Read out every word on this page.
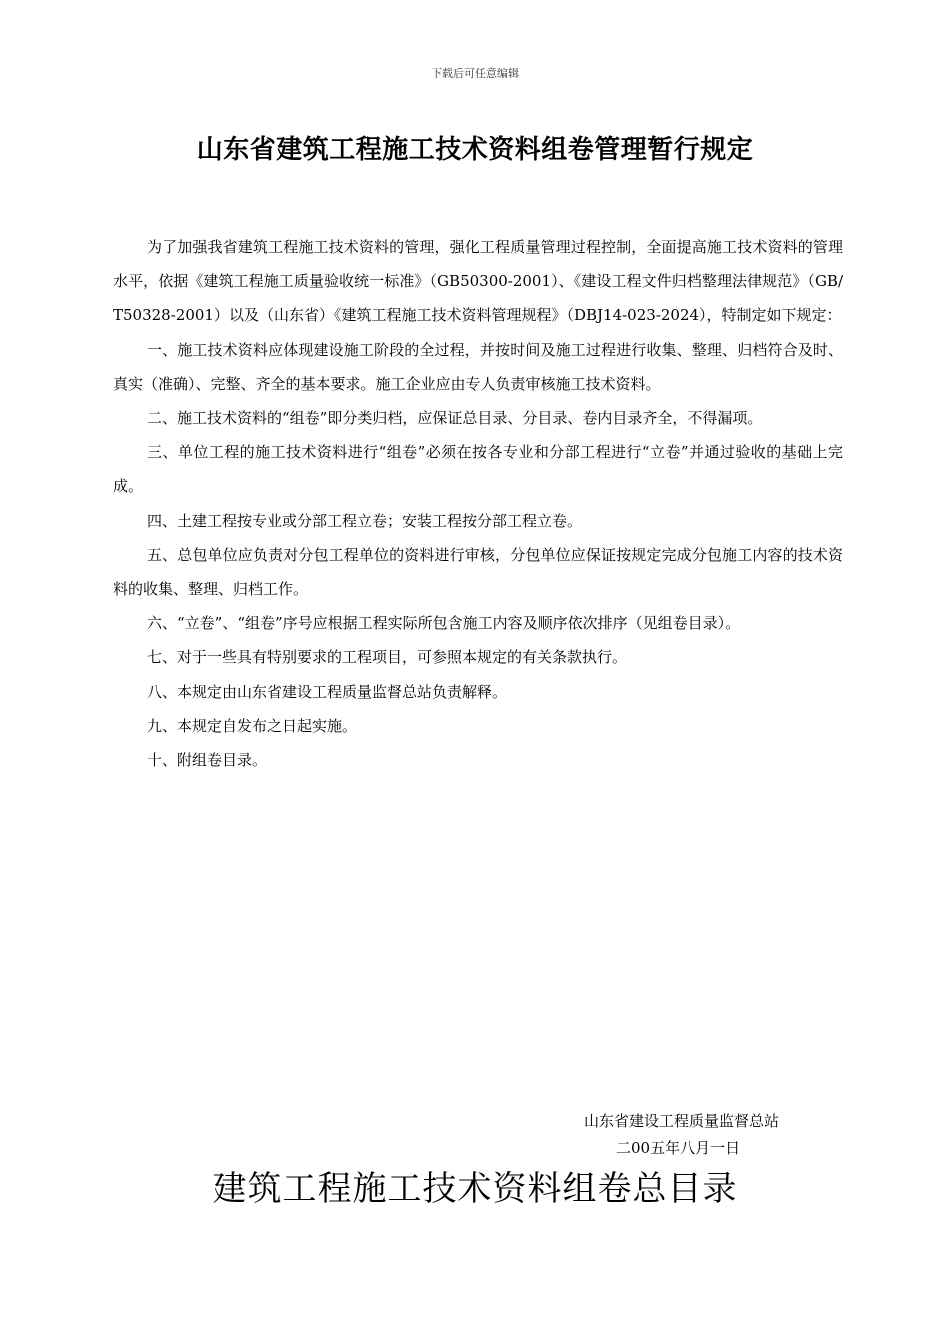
下载后可任意编辑
山东省建筑工程施工技术资料组卷管理暂行规定

为了加强我省建筑工程施工技术资料的管理，强化工程质量管理过程控制，全面提高施工技术资料的管理水平，依据《建筑工程施工质量验收统一标准》（GB50300-2001）、《建设工程文件归档整理法律规范》（GB/T50328-2001）以及（山东省）《建筑工程施工技术资料管理规程》（DBJ14-023-2024），特制定如下规定：

一、施工技术资料应体现建设施工阶段的全过程，并按时间及施工过程进行收集、整理、归档符合及时、真实（准确）、完整、齐全的基本要求。施工企业应由专人负责审核施工技术资料。

二、施工技术资料的“组卷”即分类归档，应保证总目录、分目录、卷内目录齐全，不得漏项。

三、单位工程的施工技术资料进行“组卷”必须在按各专业和分部工程进行“立卷”并通过验收的基础上完成。

四、土建工程按专业或分部工程立卷；安装工程按分部工程立卷。

五、总包单位应负责对分包工程单位的资料进行审核，分包单位应保证按规定完成分包施工内容的技术资料的收集、整理、归档工作。

六、“立卷”、“组卷”序号应根据工程实际所包含施工内容及顺序依次排序（见组卷目录）。

七、对于一些具有特别要求的工程项目，可参照本规定的有关条款执行。

八、本规定由山东省建设工程质量监督总站负责解释。

九、本规定自发布之日起实施。

十、附组卷目录。

山东省建设工程质量监督总站
二00五年八月一日
建筑工程施工技术资料组卷总目录
